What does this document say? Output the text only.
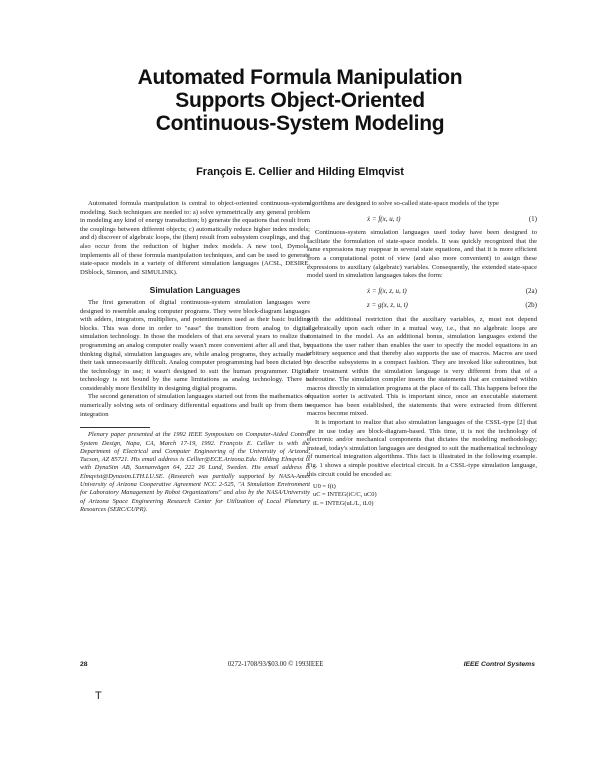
Automated Formula Manipulation
Supports Object-Oriented
Continuous-System Modeling
François E. Cellier and Hilding Elmqvist

Automated formula manipulation is central to object-oriented continuous-system modeling. Such techniques are needed to: a) solve symmetrically any general problem in modeling any kind of energy transduction; b) generate the equations that result from the couplings between different objects; c) automatically reduce higher index models; and d) discover of algebraic loops, the (then) result from subsystem couplings, and that also occur from the reduction of higher index models. A new tool, Dymola, implements all of these formula manipulation techniques, and can be used to generate state-space models in a variety of different simulation languages (ACSL, DESIRE, DSblock, Simnon, and SIMULINK).

Simulation Languages

The first generation of digital continuous-system simulation languages were designed to resemble analog computer programs. They were block-diagram languages with adders, integrators, multipliers, and potentiometers used as their basic building blocks. This was done in order to "ease" the transition from analog to digital simulation technology. In those the modelers of that era several years to realize that programming an analog computer really wasn't more convenient after all and that, by thinking digital, simulation languages are, while analog programs, they actually made their task unnecessarily difficult. Analog computer programming had been dictated by the technology in use; it wasn't designed to suit the human programmer. Digital technology is not bound by the same limitations as analog technology. There is considerably more flexibility in designing digital programs.

The second generation of simulation languages started out from the mathematics of numerically solving sets of ordinary differential equations and built up from them to integration

Plenary paper presented at the 1992 IEEE Symposium on Computer-Aided Control System Design, Napa, CA, March 17-19, 1992. François E. Cellier is with the Department of Electrical and Computer Engineering of the University of Arizona, Tucson, AZ 85721. His email address is Cellier@ECE.Arizona.Edu. Hilding Elmqvist is with DynaSim AB, Sunnanvägen 64, 222 26 Lund, Sweden. His email address is Elmqvist@Dynasim.LTH.LU.SE. (Research was partially supported by NASA-Ames University of Arizona Cooperative Agreement NCC 2-525, "A Simulation Environment for Laboratory Management by Robot Organizations" and also by the NASA/University of Arizona Space Engineering Research Center for Utilization of Local Planetary Resources (SERC/CUPR).

algorithms are designed to solve so-called state-space models of the type

ẋ = f(x, u, t)	(1)

Continuous-system simulation languages used today have been designed to facilitate the formulation of state-space models. It was quickly recognized that the same expressions may reappear in several state equations, and that it is more efficient from a computational point of view (and also more convenient) to assign these expressions to auxiliary (algebraic) variables. Consequently, the extended state-space model used in simulation languages takes the form:

ẋ = f(x, z, u, t)	(2a)
z = g(x, z, u, t)	(2b)

with the additional restriction that the auxiliary variables, z, must not depend algebraically upon each other in a mutual way, i.e., that no algebraic loops are contained in the model. As an additional bonus, simulation languages extend the equations the user rather than enables the user to specify the model equations in an arbitrary sequence and that thereby also supports the use of macros. Macros are used to describe subsystems in a compact fashion. They are invoked like subroutines, but their treatment within the simulation language is very different from that of a subroutine. The simulation compiler inserts the statements that are contained within macros directly in simulation programs at the place of its call. This happens before the equation sorter is activated. This is important since, once an executable statement sequence has been established, the statements that were extracted from different macros become mixed.

It is important to realize that also simulation languages of the CSSL-type [2] that are in use today are block-diagram-based. This time, it is not the technology of electronic and/or mechanical components that dictates the modeling methodology; instead, today's simulation languages are designed to suit the mathematical technology of numerical integration algorithms. This fact is illustrated in the following example. Fig. 1 shows a simple positive electrical circuit. In a CSSL-type simulation language, this circuit could be encoded as:

U0 = f(t)
uC = INTEG(iC/C, uC0)
iL = INTEG(uL/L, iL0)
28	0272-1708/93/$03.00 © 1993IEEE	IEEE Control Systems
T
